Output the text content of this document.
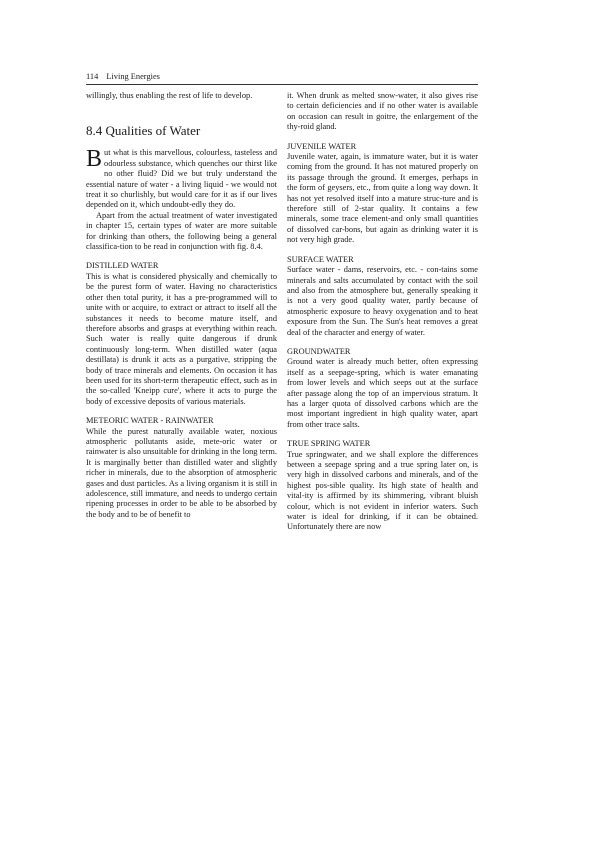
114 Living Energies

willingly, thus enabling the rest of life to develop.

8.4 Qualities of Water

But what is this marvellous, colourless, tasteless and odourless substance, which quenches our thirst like no other fluid? Did we but truly understand the essential nature of water - a living liquid - we would not treat it so churlishly, but would care for it as if our lives depended on it, which undoubt-edly they do.

Apart from the actual treatment of water investigated in chapter 15, certain types of water are more suitable for drinking than others, the following being a general classifica-tion to be read in conjunction with fig. 8.4.

DISTILLED WATER

This is what is considered physically and chemically to be the purest form of water. Having no characteristics other then total purity, it has a pre-programmed will to unite with or acquire, to extract or attract to itself all the substances it needs to become mature itself, and therefore absorbs and grasps at everything within reach. Such water is really quite dangerous if drunk continuously long-term. When distilled water (aqua destillata) is drunk it acts as a purgative, stripping the body of trace minerals and elements. On occasion it has been used for its short-term therapeutic effect, such as in the so-called 'Kneipp cure', where it acts to purge the body of excessive deposits of various materials.

METEORIC WATER - RAINWATER

While the purest naturally available water, noxious atmospheric pollutants aside, mete-oric water or rainwater is also unsuitable for drinking in the long term. It is marginally better than distilled water and slightly richer in minerals, due to the absorption of atmospheric gases and dust particles. As a living organism it is still in adolescence, still immature, and needs to undergo certain ripening processes in order to be able to be absorbed by the body and to be of benefit to

it. When drunk as melted snow-water, it also gives rise to certain deficiencies and if no other water is available on occasion can result in goitre, the enlargement of the thy-roid gland.

JUVENILE WATER

Juvenile water, again, is immature water, but it is water coming from the ground. It has not matured properly on its passage through the ground. It emerges, perhaps in the form of geysers, etc., from quite a long way down. It has not yet resolved itself into a mature struc-ture and is therefore still of 2-star quality. It contains a few minerals, some trace element-and only small quantities of dissolved car-bons, but again as drinking water it is not very high grade.

SURFACE WATER

Surface water - dams, reservoirs, etc. - con-tains some minerals and salts accumulated by contact with the soil and also from the atmosphere but, generally speaking it is not a very good quality water, partly because of atmospheric exposure to heavy oxygenation and to heat exposure from the Sun. The Sun's heat removes a great deal of the character and energy of water.

GROUNDWATER

Ground water is already much better, often expressing itself as a seepage-spring, which is water emanating from lower levels and which seeps out at the surface after passage along the top of an impervious stratum. It has a larger quota of dissolved carbons which are the most important ingredient in high quality water, apart from other trace salts.

TRUE SPRING WATER

True springwater, and we shall explore the differences between a seepage spring and a true spring later on, is very high in dissolved carbons and minerals, and of the highest pos-sible quality. Its high state of health and vital-ity is affirmed by its shimmering, vibrant bluish colour, which is not evident in inferior waters. Such water is ideal for drinking, if it can be obtained. Unfortunately there are now
